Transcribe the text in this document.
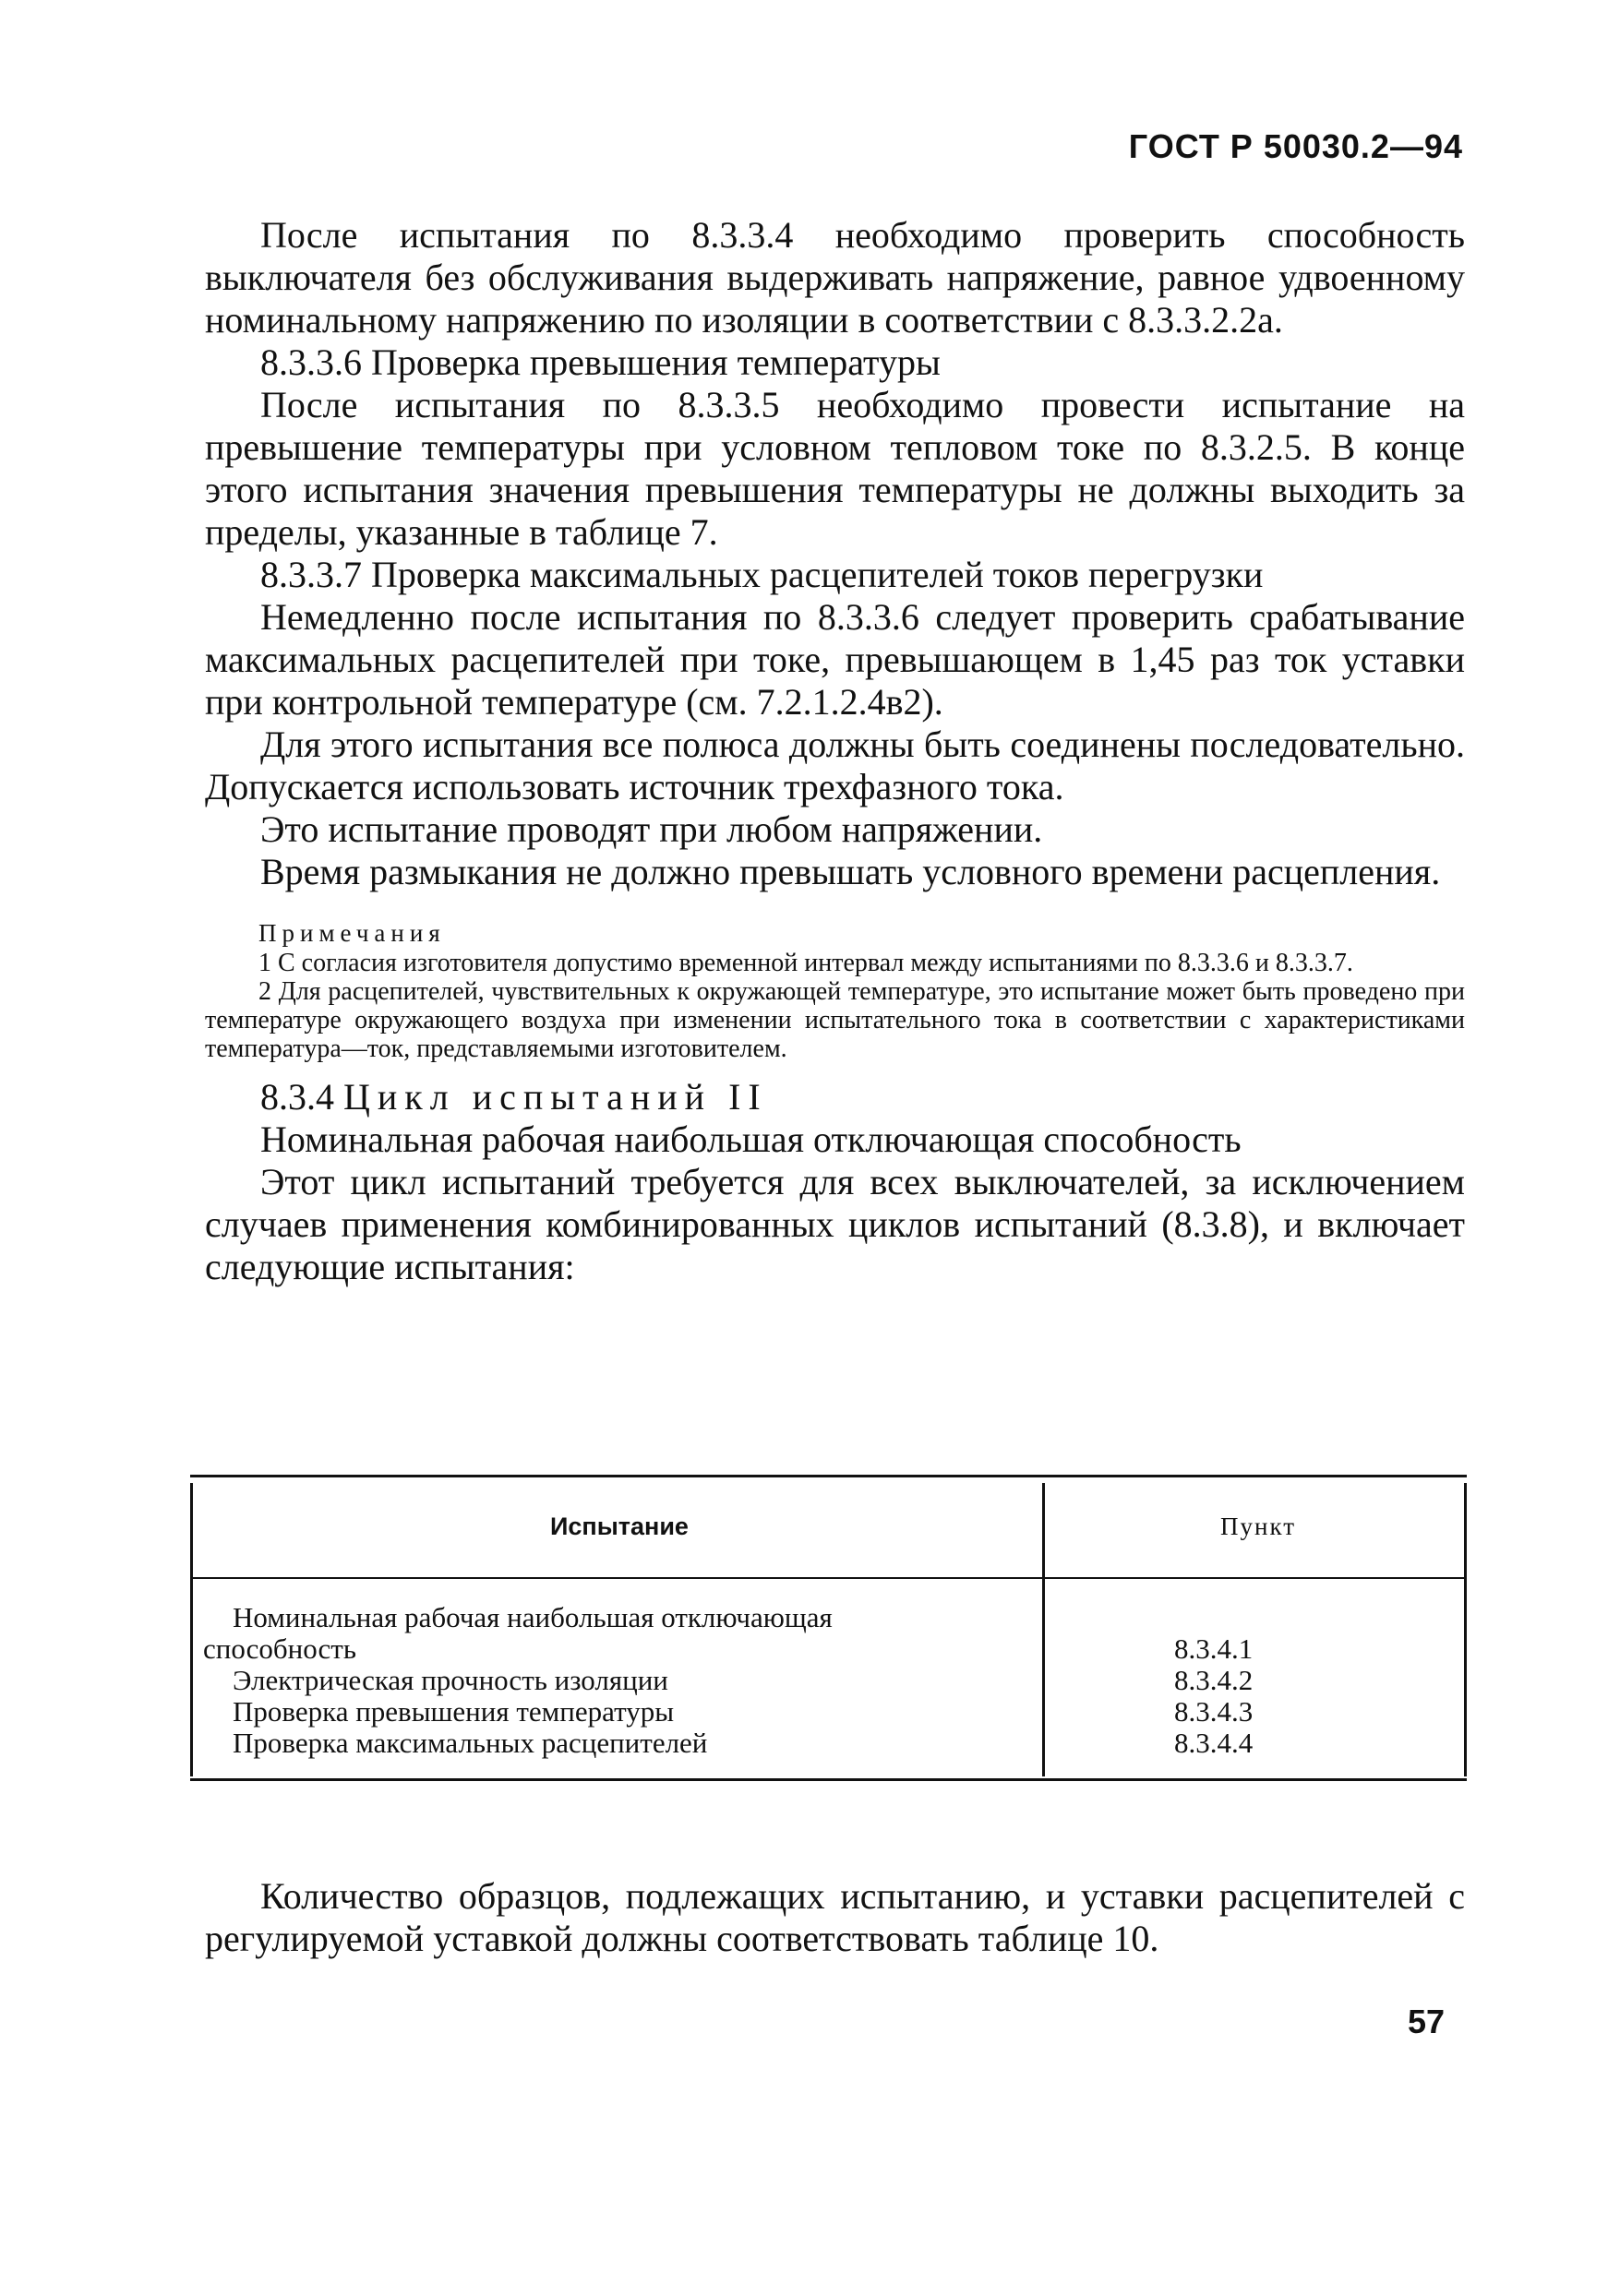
ГОСТ Р 50030.2—94

После испытания по 8.3.3.4 необходимо проверить способность выключателя без обслуживания выдерживать напряжение, равное удвоенному номинальному напряжению по изоляции в соответствии с 8.3.3.2.2а.

8.3.3.6 Проверка превышения температуры

После испытания по 8.3.3.5 необходимо провести испытание на превышение температуры при условном тепловом токе по 8.3.2.5. В конце этого испытания значения превышения температуры не должны выходить за пределы, указанные в таблице 7.

8.3.3.7 Проверка максимальных расцепителей токов перегрузки

Немедленно после испытания по 8.3.3.6 следует проверить срабатывание максимальных расцепителей при токе, превышающем в 1,45 раз ток уставки при контрольной температуре (см. 7.2.1.2.4в2).

Для этого испытания все полюса должны быть соединены последовательно. Допускается использовать источник трехфазного тока.

Это испытание проводят при любом напряжении.

Время размыкания не должно превышать условного времени расцепления.

Примечания

1 С согласия изготовителя допустимо временной интервал между испытаниями по 8.3.3.6 и 8.3.3.7.

2 Для расцепителей, чувствительных к окружающей температуре, это испытание может быть проведено при температуре окружающего воздуха при изменении испытательного тока в соответствии с характеристиками температура—ток, представляемыми изготовителем.

8.3.4 Цикл испытаний II

Номинальная рабочая наибольшая отключающая способность

Этот цикл испытаний требуется для всех выключателей, за исключением случаев применения комбинированных циклов испытаний (8.3.8), и включает следующие испытания:

Испытание	Пункт
Номинальная рабочая наибольшая отключающая
способность
Электрическая прочность изоляции
Проверка превышения температуры
Проверка максимальных расцепителей
8.3.4.1
8.3.4.2
8.3.4.3
8.3.4.4

Количество образцов, подлежащих испытанию, и уставки расцепителей с регулируемой уставкой должны соответствовать таблице 10.

57
